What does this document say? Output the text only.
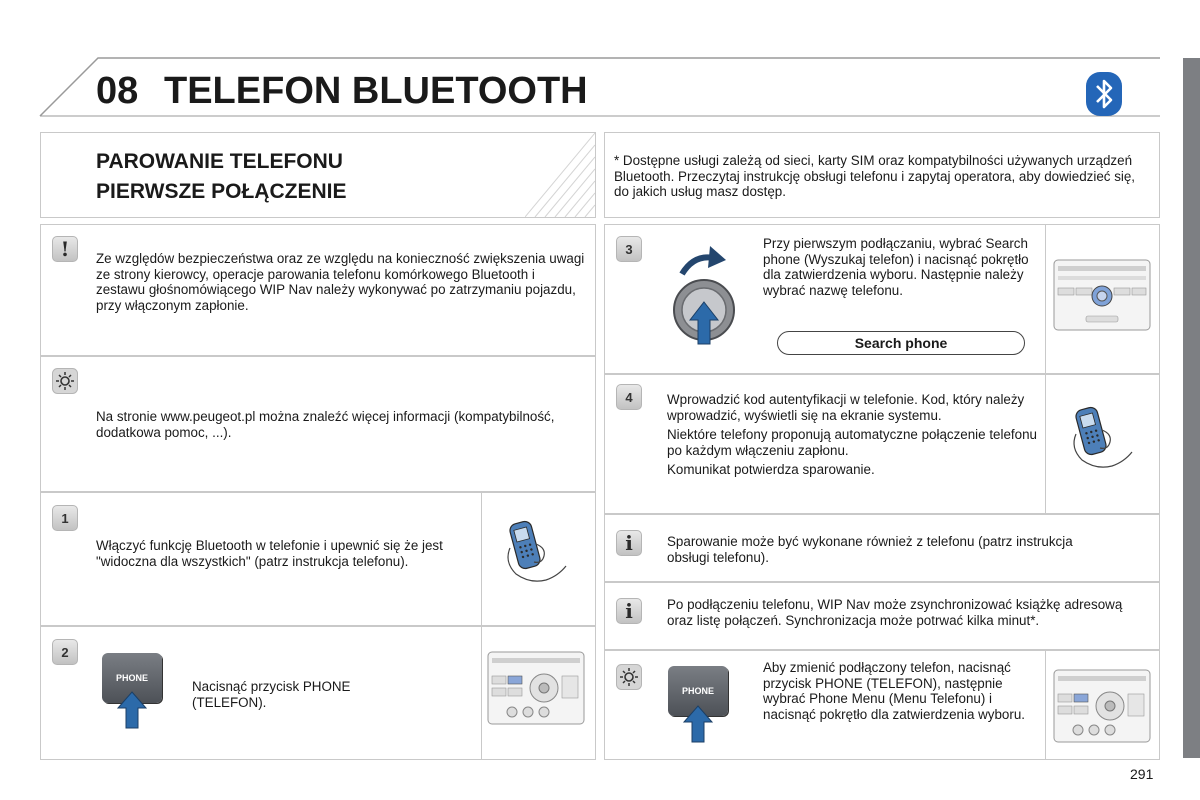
08 TELEFON BLUETOOTH
PAROWANIE TELEFONU
PIERWSZE POŁĄCZENIE
* Dostępne usługi zależą od sieci, karty SIM oraz kompatybilności używanych urządzeń Bluetooth. Przeczytaj instrukcję obsługi telefonu i zapytaj operatora, aby dowiedzieć się, do jakich usług masz dostęp.
!	Ze względów bezpieczeństwa oraz ze względu na konieczność zwiększenia uwagi ze strony kierowcy, operacje parowania telefonu komórkowego Bluetooth i zestawu głośnomówiącego WIP Nav należy wykonywać po zatrzymaniu pojazdu, przy włączonym zapłonie.
Na stronie www.peugeot.pl można znaleźć więcej informacji (kompatybilność, dodatkowa pomoc, ...).
1
Włączyć funkcję Bluetooth w telefonie i upewnić się że jest "widoczna dla wszystkich" (patrz instrukcja telefonu).
2
PHONE
Nacisnąć przycisk PHONE (TELEFON).
3	Przy pierwszym podłączaniu, wybrać Search phone (Wyszukaj telefon) i nacisnąć pokrętło dla zatwierdzenia wyboru. Następnie należy wybrać nazwę telefonu.
Search phone
4	Wprowadzić kod autentyfikacji w telefonie. Kod, który należy wprowadzić, wyświetli się na ekranie systemu.

Niektóre telefony proponują automatyczne połączenie telefonu po każdym włączeniu zapłonu.

Komunikat potwierdza sparowanie.

i	Sparowanie może być wykonane również z telefonu (patrz instrukcja obsługi telefonu).
i	Po podłączeniu telefonu, WIP Nav może zsynchronizować książkę adresową oraz listę połączeń. Synchronizacja może potrwać kilka minut*.
PHONE
Aby zmienić podłączony telefon, nacisnąć przycisk PHONE (TELEFON), następnie wybrać Phone Menu (Menu Telefonu) i nacisnąć pokrętło dla zatwierdzenia wyboru.
291
